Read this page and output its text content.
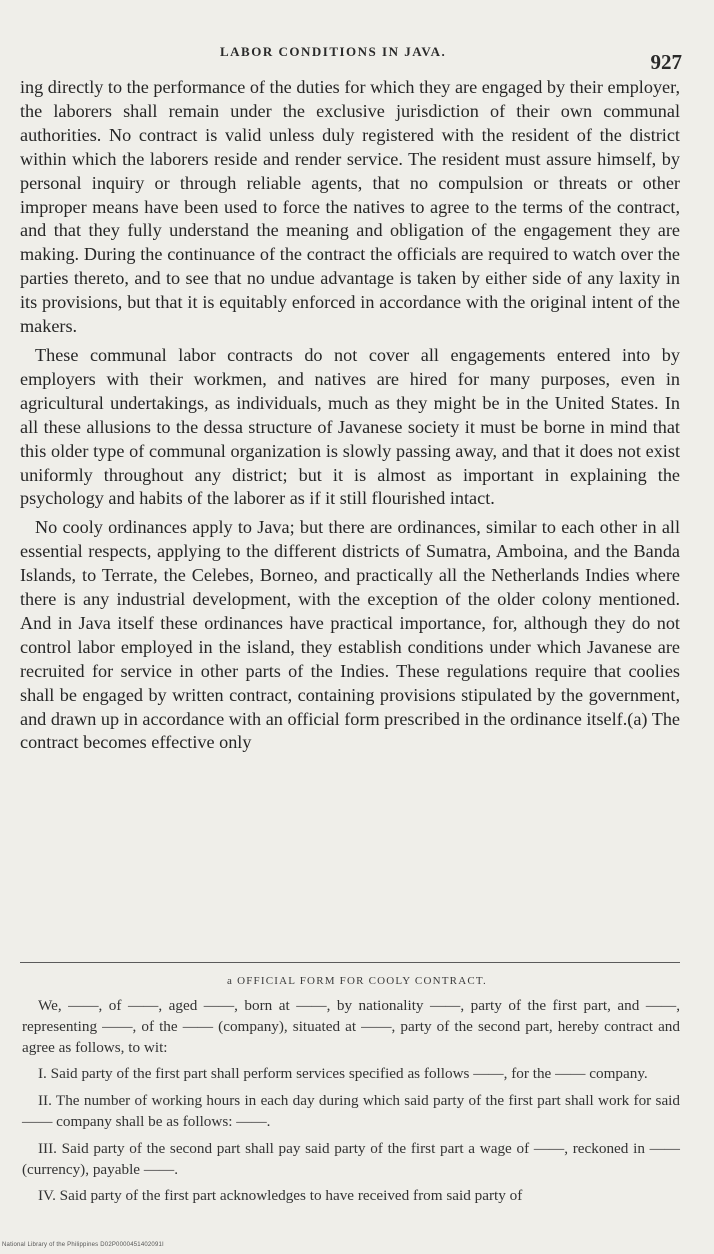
LABOR CONDITIONS IN JAVA.	927

ing directly to the performance of the duties for which they are engaged by their employer, the laborers shall remain under the exclusive jurisdiction of their own communal authorities. No contract is valid unless duly registered with the resident of the district within which the laborers reside and render service. The resident must assure himself, by personal inquiry or through reliable agents, that no compulsion or threats or other improper means have been used to force the natives to agree to the terms of the contract, and that they fully understand the meaning and obligation of the engagement they are making. During the continuance of the contract the officials are required to watch over the parties thereto, and to see that no undue advantage is taken by either side of any laxity in its provisions, but that it is equitably enforced in accordance with the original intent of the makers.

These communal labor contracts do not cover all engagements entered into by employers with their workmen, and natives are hired for many purposes, even in agricultural undertakings, as individuals, much as they might be in the United States. In all these allusions to the dessa structure of Javanese society it must be borne in mind that this older type of communal organization is slowly passing away, and that it does not exist uniformly throughout any district; but it is almost as important in explaining the psychology and habits of the laborer as if it still flourished intact.

No cooly ordinances apply to Java; but there are ordinances, similar to each other in all essential respects, applying to the different districts of Sumatra, Amboina, and the Banda Islands, to Terrate, the Celebes, Borneo, and practically all the Netherlands Indies where there is any industrial development, with the exception of the older colony mentioned. And in Java itself these ordinances have practical importance, for, although they do not control labor employed in the island, they establish conditions under which Javanese are recruited for service in other parts of the Indies. These regulations require that coolies shall be engaged by written contract, containing provisions stipulated by the government, and drawn up in accordance with an official form prescribed in the ordinance itself.(a) The contract becomes effective only

a OFFICIAL FORM FOR COOLY CONTRACT.

We, ——, of ——, aged ——, born at ——, by nationality ——, party of the first part, and ——, representing ——, of the —— (company), situated at ——, party of the second part, hereby contract and agree as follows, to wit:

I. Said party of the first part shall perform services specified as follows ——, for the —— company.

II. The number of working hours in each day during which said party of the first part shall work for said —— company shall be as follows: ——.

III. Said party of the second part shall pay said party of the first part a wage of ——, reckoned in —— (currency), payable ——.

IV. Said party of the first part acknowledges to have received from said party of

National Library of the Philippines D02P0000451402091I
